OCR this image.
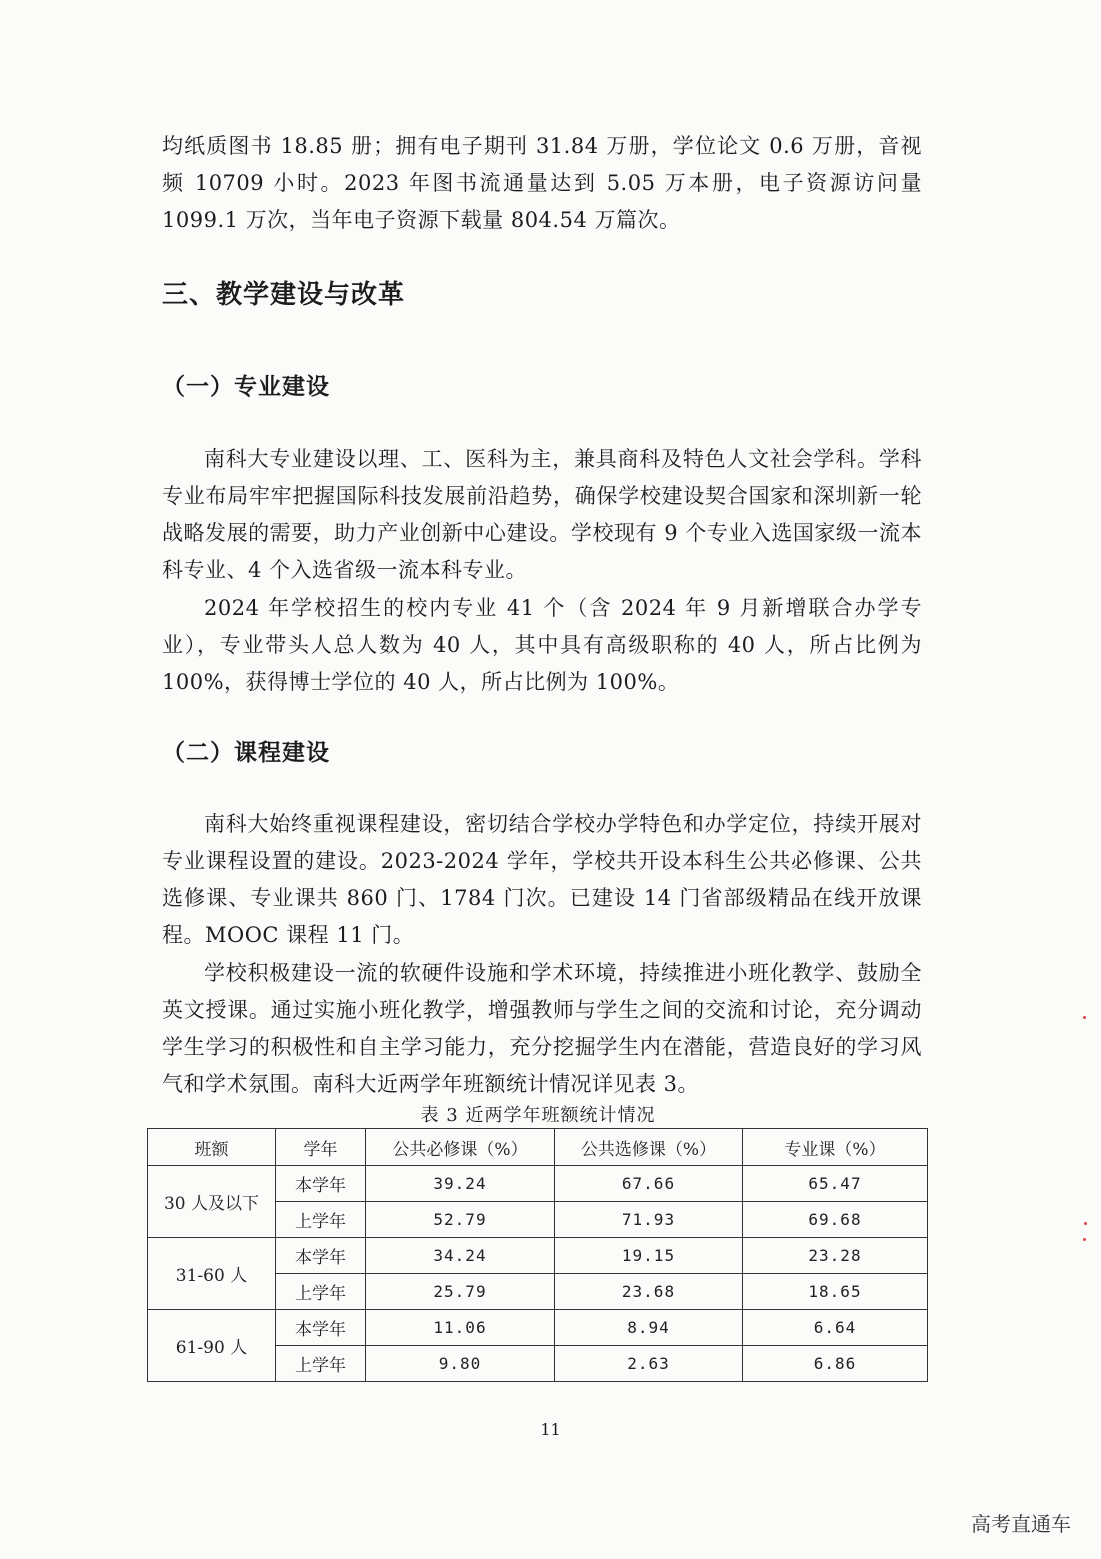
均纸质图书 18.85 册；拥有电子期刊 31.84 万册，学位论文 0.6 万册，音视频 10709 小时。2023 年图书流通量达到 5.05 万本册，电子资源访问量 1099.1 万次，当年电子资源下载量 804.54 万篇次。

三、教学建设与改革
（一）专业建设

南科大专业建设以理、工、医科为主，兼具商科及特色人文社会学科。学科专业布局牢牢把握国际科技发展前沿趋势，确保学校建设契合国家和深圳新一轮战略发展的需要，助力产业创新中心建设。学校现有 9 个专业入选国家级一流本科专业、4 个入选省级一流本科专业。

2024 年学校招生的校内专业 41 个（含 2024 年 9 月新增联合办学专业），专业带头人总人数为 40 人，其中具有高级职称的 40 人，所占比例为 100%，获得博士学位的 40 人，所占比例为 100%。

（二）课程建设

南科大始终重视课程建设，密切结合学校办学特色和办学定位，持续开展对专业课程设置的建设。2023-2024 学年，学校共开设本科生公共必修课、公共选修课、专业课共 860 门、1784 门次。已建设 14 门省部级精品在线开放课程。MOOC 课程 11 门。

学校积极建设一流的软硬件设施和学术环境，持续推进小班化教学、鼓励全英文授课。通过实施小班化教学，增强教师与学生之间的交流和讨论，充分调动学生学习的积极性和自主学习能力，充分挖掘学生内在潜能，营造良好的学习风气和学术氛围。南科大近两学年班额统计情况详见表 3。

表 3 近两学年班额统计情况
班额	学年	公共必修课（%）	公共选修课（%）	专业课（%）
30 人及以下	本学年	39.24	67.66	65.47
	上学年	52.79	71.93	69.68
31-60 人	本学年	34.24	19.15	23.28
	上学年	25.79	23.68	18.65
61-90 人	本学年	11.06	8.94	6.64
	上学年	9.80	2.63	6.86
11
高考直通车
